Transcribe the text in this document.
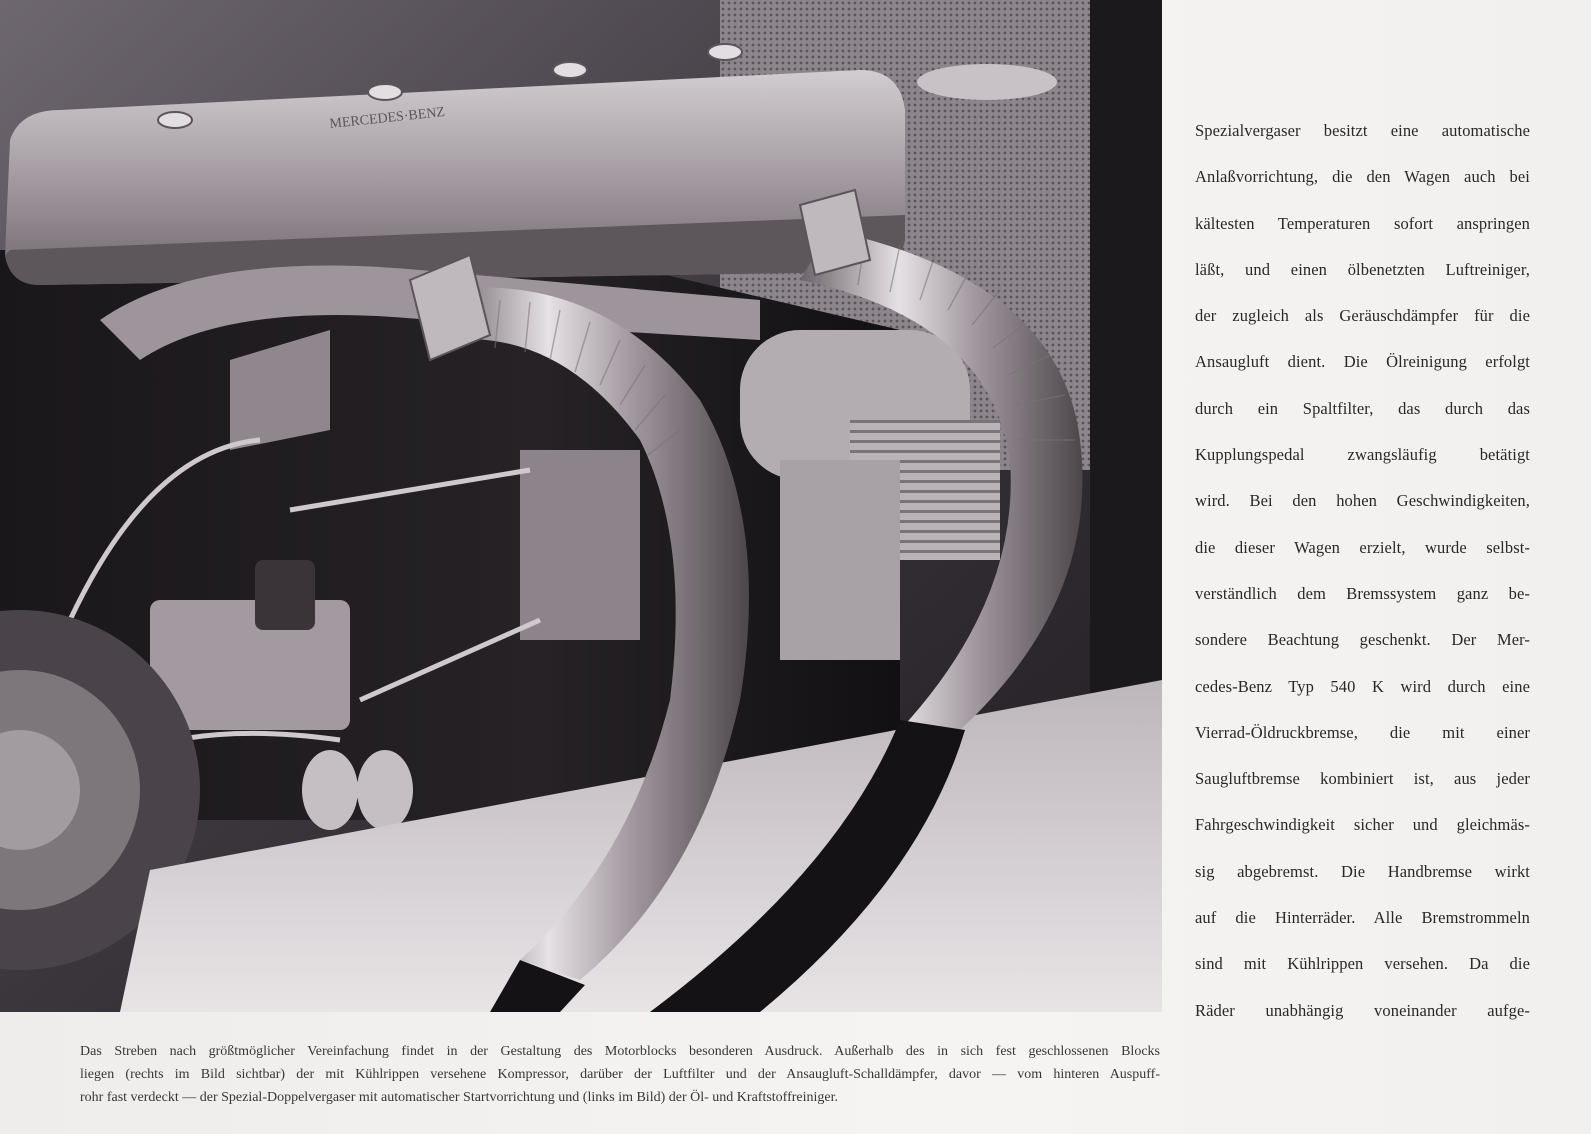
MERCEDES·BENZ	Spezialvergaser besitzt eine automatische
Anlaßvorrichtung, die den Wagen auch bei
kältesten Temperaturen sofort anspringen
läßt, und einen ölbenetzten Luftreiniger,
der zugleich als Geräuschdämpfer für die
Ansaugluft dient. Die Ölreinigung erfolgt
durch ein Spaltfilter, das durch das
Kupplungspedal zwangsläufig betätigt
wird. Bei den hohen Geschwindigkeiten,
die dieser Wagen erzielt, wurde selbst-
verständlich dem Bremssystem ganz be-
sondere Beachtung geschenkt. Der Mer-
cedes-Benz Typ 540 K wird durch eine
Vierrad-Öldruckbremse, die mit einer
Saugluftbremse kombiniert ist, aus jeder
Fahrgeschwindigkeit sicher und gleichmäs-
sig abgebremst. Die Handbremse wirkt
auf die Hinterräder. Alle Bremstrommeln
sind mit Kühlrippen versehen. Da die
Räder unabhängig voneinander aufge-
Das Streben nach größtmöglicher Vereinfachung findet in der Gestaltung des Motorblocks besonderen Ausdruck. Außerhalb des in sich fest geschlossenen Blocks
liegen (rechts im Bild sichtbar) der mit Kühlrippen versehene Kompressor, darüber der Luftfilter und der Ansaugluft-Schalldämpfer, davor — vom hinteren Auspuff-
rohr fast verdeckt — der Spezial-Doppelvergaser mit automatischer Startvorrichtung und (links im Bild) der Öl- und Kraftstoffreiniger.
